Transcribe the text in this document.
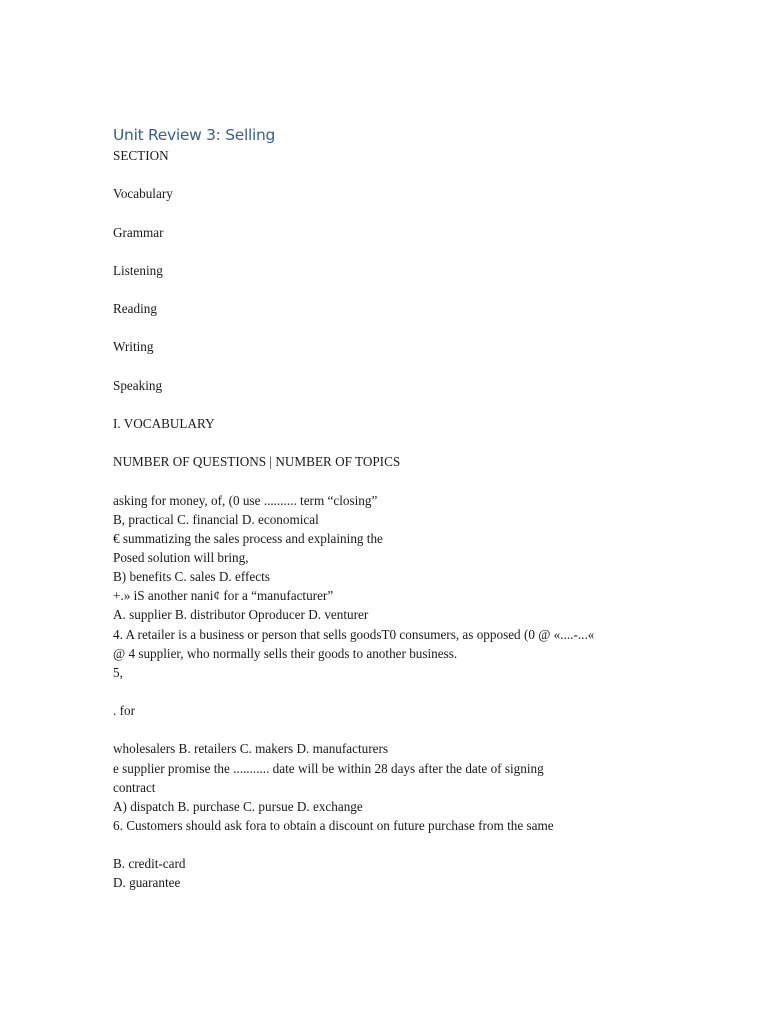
Unit Review 3: Selling

SECTION

Vocabulary

Grammar

Listening

Reading

Writing

Speaking

I. VOCABULARY

NUMBER OF QUESTIONS | NUMBER OF TOPICS

asking for money, of, (0 use .......... term “closing”

B, practical C. financial D. economical

€ summatizing the sales process and explaining the

Posed solution will bring,

B) benefits C. sales D. effects

+.» iS another nani¢ for a “manufacturer”

A. supplier B. distributor Oproducer D. venturer

4. A retailer is a business or person that sells goodsT0 consumers, as opposed (0 @ «....-...«

@ 4 supplier, who normally sells their goods to another business.

5,

. for

wholesalers B. retailers C. makers D. manufacturers

e supplier promise the ........... date will be within 28 days after the date of signing

contract

A) dispatch B. purchase C. pursue D. exchange

6. Customers should ask fora to obtain a discount on future purchase from the same

B. credit-card

D. guarantee
